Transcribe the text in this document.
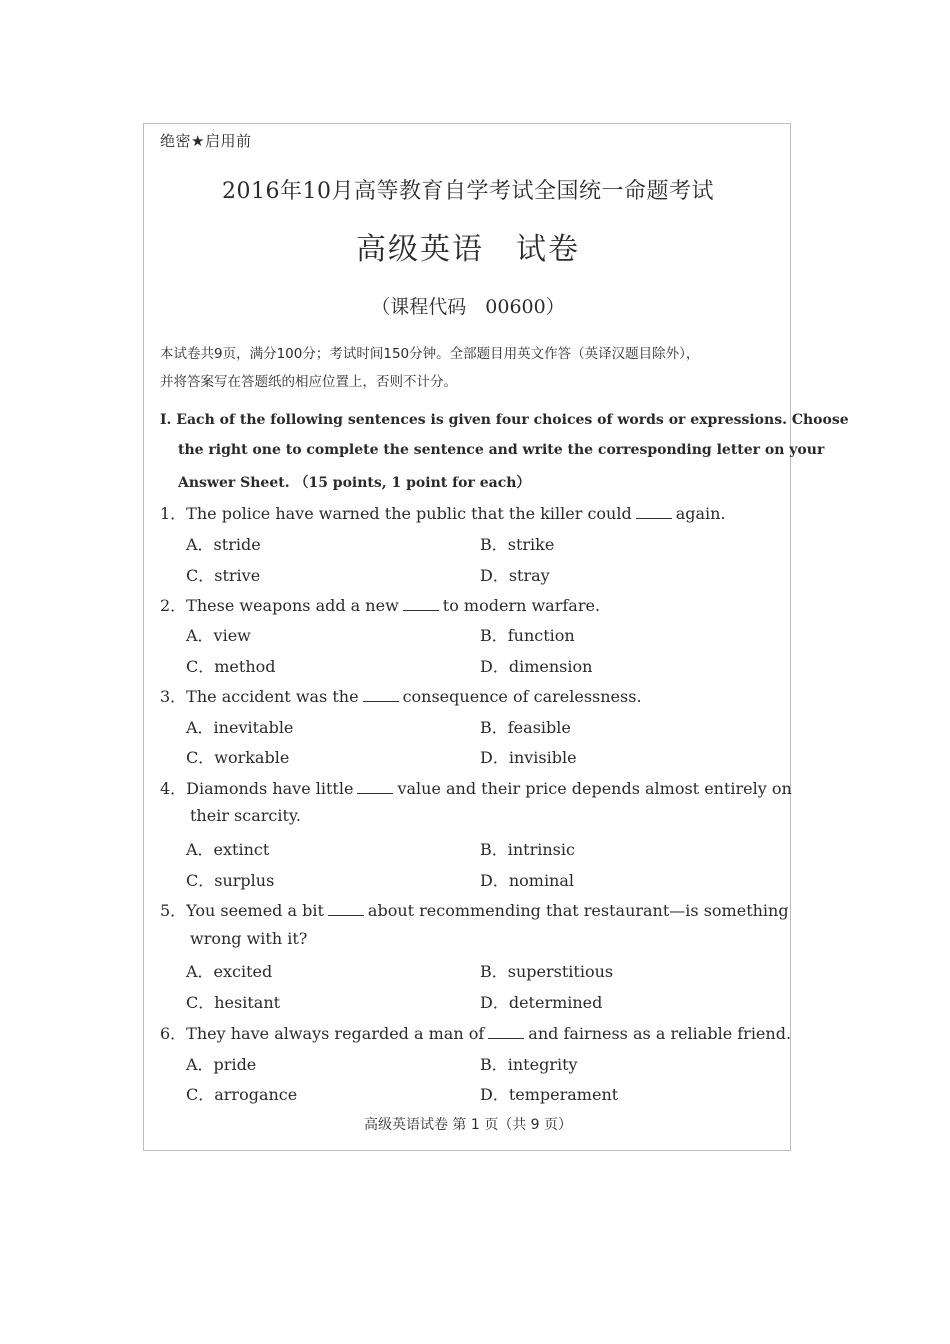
绝密★启用前
2016年10月高等教育自学考试全国统一命题考试
高级英语　试卷
（课程代码　00600）
本试卷共9页，满分100分；考试时间150分钟。全部题目用英文作答（英译汉题目除外），
并将答案写在答题纸的相应位置上，否则不计分。
I. Each of the following sentences is given four choices of words or expressions. Choose
the right one to complete the sentence and write the corresponding letter on your
Answer Sheet. （15 points, 1 point for each）
1．The police have warned the public that the killer could	again.
A．stride	B．strike
C．strive	D．stray
2．These weapons add a new	to modern warfare.
A．view	B．function
C．method	D．dimension
3．The accident was the	consequence of carelessness.
A．inevitable	B．feasible
C．workable	D．invisible
4．Diamonds have little	value and their price depends almost entirely on
their scarcity.
A．extinct	B．intrinsic
C．surplus	D．nominal
5．You seemed a bit	about recommending that restaurant—is something
wrong with it?
A．excited	B．superstitious
C．hesitant	D．determined
6．They have always regarded a man of	and fairness as a reliable friend.
A．pride	B．integrity
C．arrogance	D．temperament
高级英语试卷 第 1 页（共 9 页）
